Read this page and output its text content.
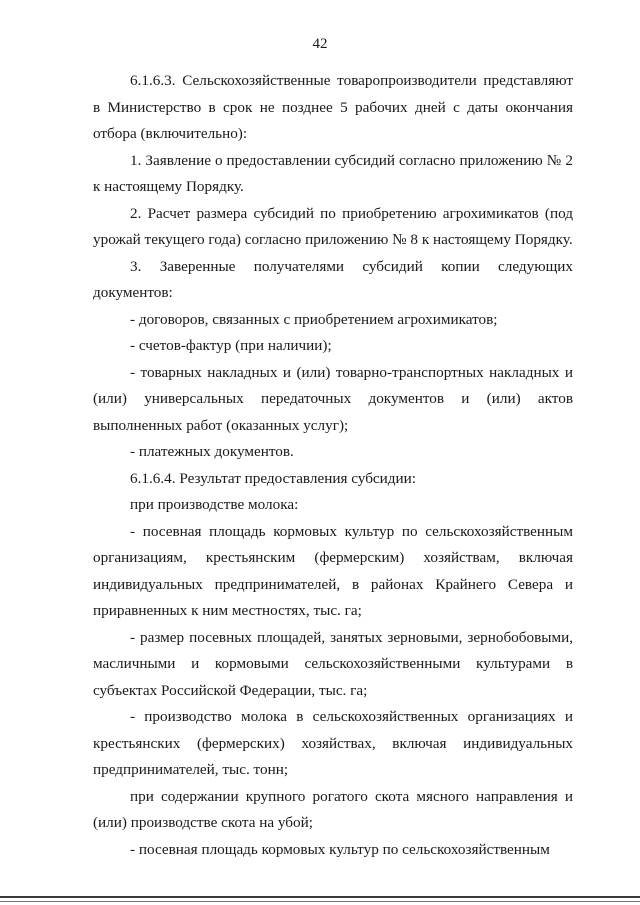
42

6.1.6.3. Сельскохозяйственные товаропроизводители представляют в Министерство в срок не позднее 5 рабочих дней с даты окончания отбора (включительно):

1. Заявление о предоставлении субсидий согласно приложению № 2 к настоящему Порядку.

2. Расчет размера субсидий по приобретению агрохимикатов (под урожай текущего года) согласно приложению № 8 к настоящему Порядку.

3. Заверенные получателями субсидий копии следующих документов:

- договоров, связанных с приобретением агрохимикатов;

- счетов-фактур (при наличии);

- товарных накладных и (или) товарно-транспортных накладных и (или) универсальных передаточных документов и (или) актов выполненных работ (оказанных услуг);

- платежных документов.

6.1.6.4. Результат предоставления субсидии:

при производстве молока:

- посевная площадь кормовых культур по сельскохозяйственным организациям, крестьянским (фермерским) хозяйствам, включая индивидуальных предпринимателей, в районах Крайнего Севера и приравненных к ним местностях, тыс. га;

- размер посевных площадей, занятых зерновыми, зернобобовыми, масличными и кормовыми сельскохозяйственными культурами в субъектах Российской Федерации, тыс. га;

- производство молока в сельскохозяйственных организациях и крестьянских (фермерских) хозяйствах, включая индивидуальных предпринимателей, тыс. тонн;

при содержании крупного рогатого скота мясного направления и (или) производстве скота на убой;

- посевная площадь кормовых культур по сельскохозяйственным
